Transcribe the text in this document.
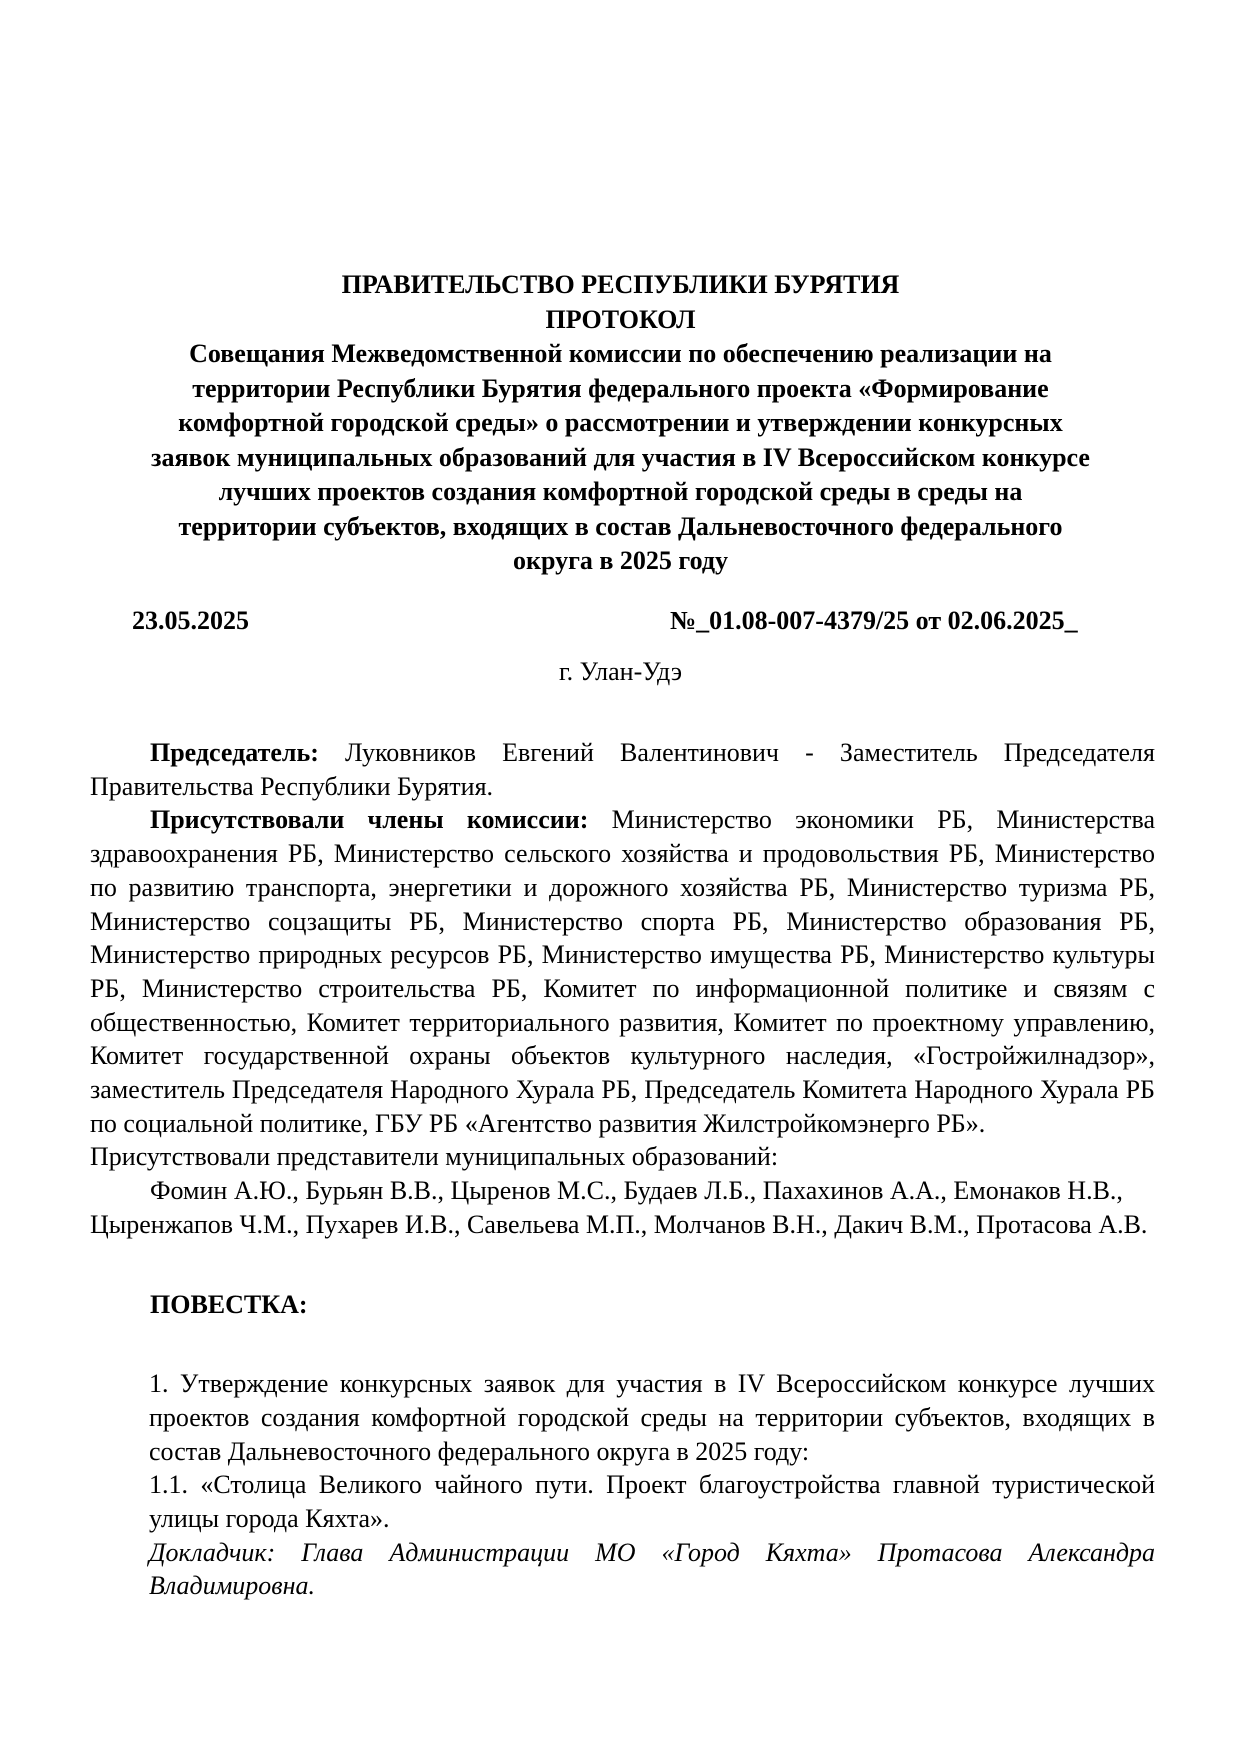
ПРАВИТЕЛЬСТВО РЕСПУБЛИКИ БУРЯТИЯ
ПРОТОКОЛ
Совещания Межведомственной комиссии по обеспечению реализации на
территории Республики Бурятия федерального проекта «Формирование
комфортной городской среды» о рассмотрении и утверждении конкурсных
заявок муниципальных образований для участия в IV Всероссийском конкурсе
лучших проектов создания комфортной городской среды в среды на
территории субъектов, входящих в состав Дальневосточного федерального
округа в 2025 году
23.05.2025	№_01.08-007-4379/25 от 02.06.2025_
г. Улан-Удэ

Председатель: Луковников Евгений Валентинович - Заместитель Председателя Правительства Республики Бурятия.

Присутствовали члены комиссии: Министерство экономики РБ, Министерства здравоохранения РБ, Министерство сельского хозяйства и продовольствия РБ, Министерство по развитию транспорта, энергетики и дорожного хозяйства РБ, Министерство туризма РБ, Министерство соцзащиты РБ, Министерство спорта РБ, Министерство образования РБ, Министерство природных ресурсов РБ, Министерство имущества РБ, Министерство культуры РБ, Министерство строительства РБ, Комитет по информационной политике и связям с общественностью, Комитет территориального развития, Комитет по проектному управлению, Комитет государственной охраны объектов культурного наследия, «Гостройжилнадзор», заместитель Председателя Народного Хурала РБ, Председатель Комитета Народного Хурала РБ по социальной политике, ГБУ РБ «Агентство развития Жилстройкомэнерго РБ».

Присутствовали представители муниципальных образований:

Фомин А.Ю., Бурьян В.В., Цыренов М.С., Будаев Л.Б., Пахахинов А.А., Емонаков Н.В., Цыренжапов Ч.М., Пухарев И.В., Савельева М.П., Молчанов В.Н., Дакич В.М., Протасова А.В.

ПОВЕСТКА:

1. Утверждение конкурсных заявок для участия в IV Всероссийском конкурсе лучших проектов создания комфортной городской среды на территории субъектов, входящих в состав Дальневосточного федерального округа в 2025 году:

1.1. «Столица Великого чайного пути. Проект благоустройства главной туристической улицы города Кяхта».

Докладчик: Глава Администрации МО «Город Кяхта» Протасова Александра Владимировна.
